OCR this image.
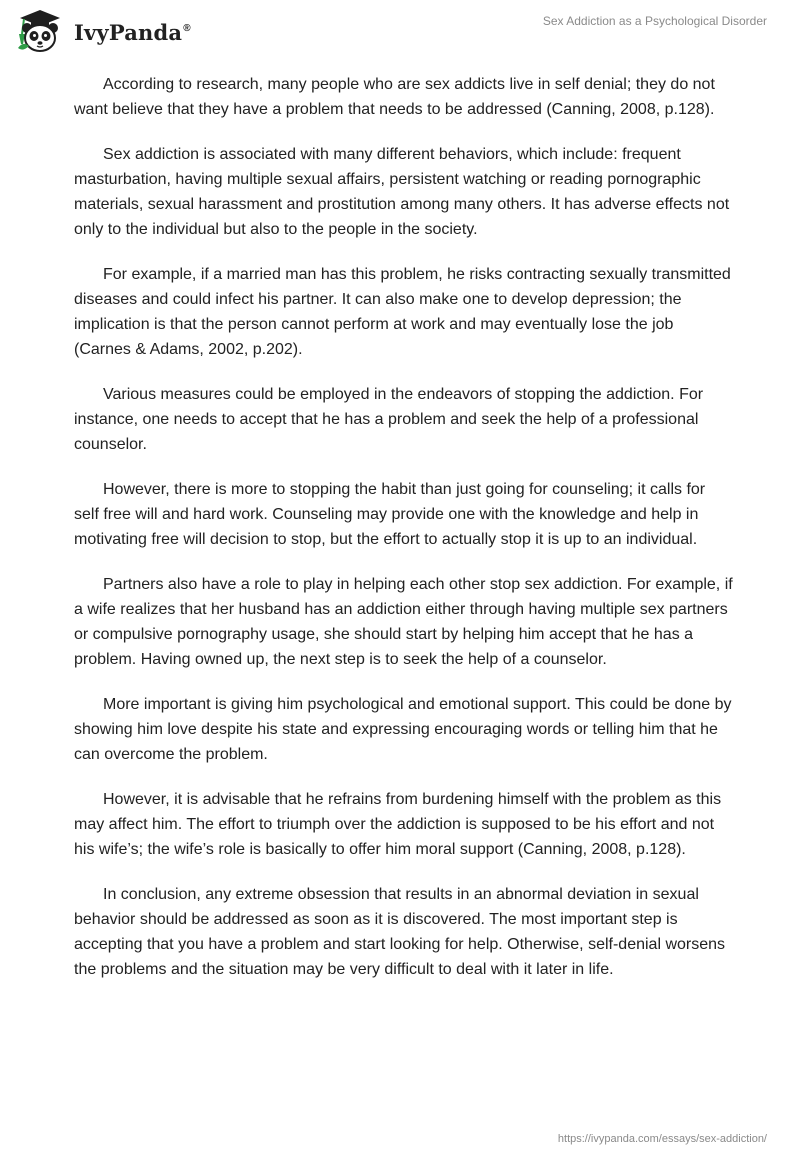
IvyPanda®	Sex Addiction as a Psychological Disorder

According to research, many people who are sex addicts live in self denial; they do not want believe that they have a problem that needs to be addressed (Canning, 2008, p.128).

Sex addiction is associated with many different behaviors, which include: frequent masturbation, having multiple sexual affairs, persistent watching or reading pornographic materials, sexual harassment and prostitution among many others. It has adverse effects not only to the individual but also to the people in the society.

For example, if a married man has this problem, he risks contracting sexually transmitted diseases and could infect his partner. It can also make one to develop depression; the implication is that the person cannot perform at work and may eventually lose the job (Carnes & Adams, 2002, p.202).

Various measures could be employed in the endeavors of stopping the addiction. For instance, one needs to accept that he has a problem and seek the help of a professional counselor.

However, there is more to stopping the habit than just going for counseling; it calls for self free will and hard work. Counseling may provide one with the knowledge and help in motivating free will decision to stop, but the effort to actually stop it is up to an individual.

Partners also have a role to play in helping each other stop sex addiction. For example, if a wife realizes that her husband has an addiction either through having multiple sex partners or compulsive pornography usage, she should start by helping him accept that he has a problem. Having owned up, the next step is to seek the help of a counselor.

More important is giving him psychological and emotional support. This could be done by showing him love despite his state and expressing encouraging words or telling him that he can overcome the problem.

However, it is advisable that he refrains from burdening himself with the problem as this may affect him. The effort to triumph over the addiction is supposed to be his effort and not his wife’s; the wife’s role is basically to offer him moral support (Canning, 2008, p.128).

In conclusion, any extreme obsession that results in an abnormal deviation in sexual behavior should be addressed as soon as it is discovered. The most important step is accepting that you have a problem and start looking for help. Otherwise, self-denial worsens the problems and the situation may be very difficult to deal with it later in life.

https://ivypanda.com/essays/sex-addiction/
